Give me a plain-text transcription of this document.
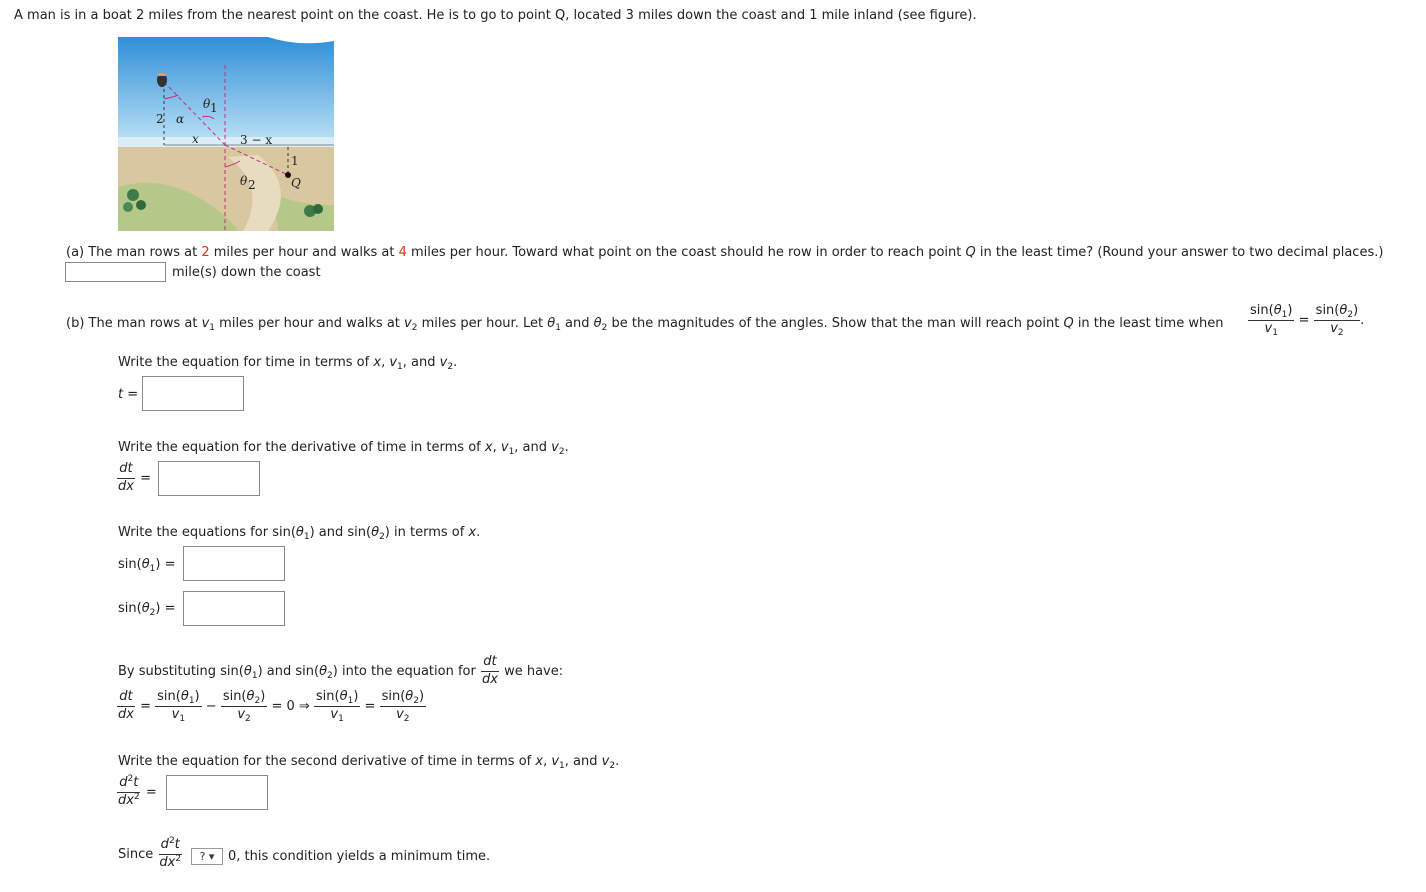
A man is in a boat 2 miles from the nearest point on the coast. He is to go to point Q, located 3 miles down the coast and 1 mile inland (see figure).
2 α
θ 1
x	3 − x
1
θ 2	Q
(a) The man rows at 2 miles per hour and walks at 4 miles per hour. Toward what point on the coast should he row in order to reach point Q in the least time? (Round your answer to two decimal places.)
mile(s) down the coast
(b) The man rows at $v_1$ miles per hour and walks at $v_2$ miles per hour. Let $\theta_1$ and $\theta_2$ be the magnitudes of the angles. Show that the man will reach point Q in the least time when $\frac{\sin(\theta_1)}{v_1} = \frac{\sin(\theta_2)}{v_2}$ .
Write the equation for time in terms of x, $v_1$, and $v_2$.
t =
Write the equation for the derivative of time in terms of x, $v_1$, and $v_2$.
$\frac{dt}{dx}$ =
Write the equations for $\sin(\theta_1)$ and $\sin(\theta_2)$ in terms of x.
$\sin(\theta_1)$ =
$\sin(\theta_2)$ =
By substituting $\sin(\theta_1)$ and $\sin(\theta_2)$ into the equation for $\frac{dt}{dx}$ we have:
$\frac{dt}{dx} = \frac{\sin(\theta_1)}{v_1} - \frac{\sin(\theta_2)}{v_2} = 0$ ⇒ $\frac{\sin(\theta_1)}{v_1} = \frac{\sin(\theta_2)}{v_2}$
Write the equation for the second derivative of time in terms of x, $v_1$, and $v_2$.
$\frac{d^2t}{dx^2}$ =
Since $\frac{d^2t}{dx^2}$	? ▾	0, this condition yields a minimum time.
